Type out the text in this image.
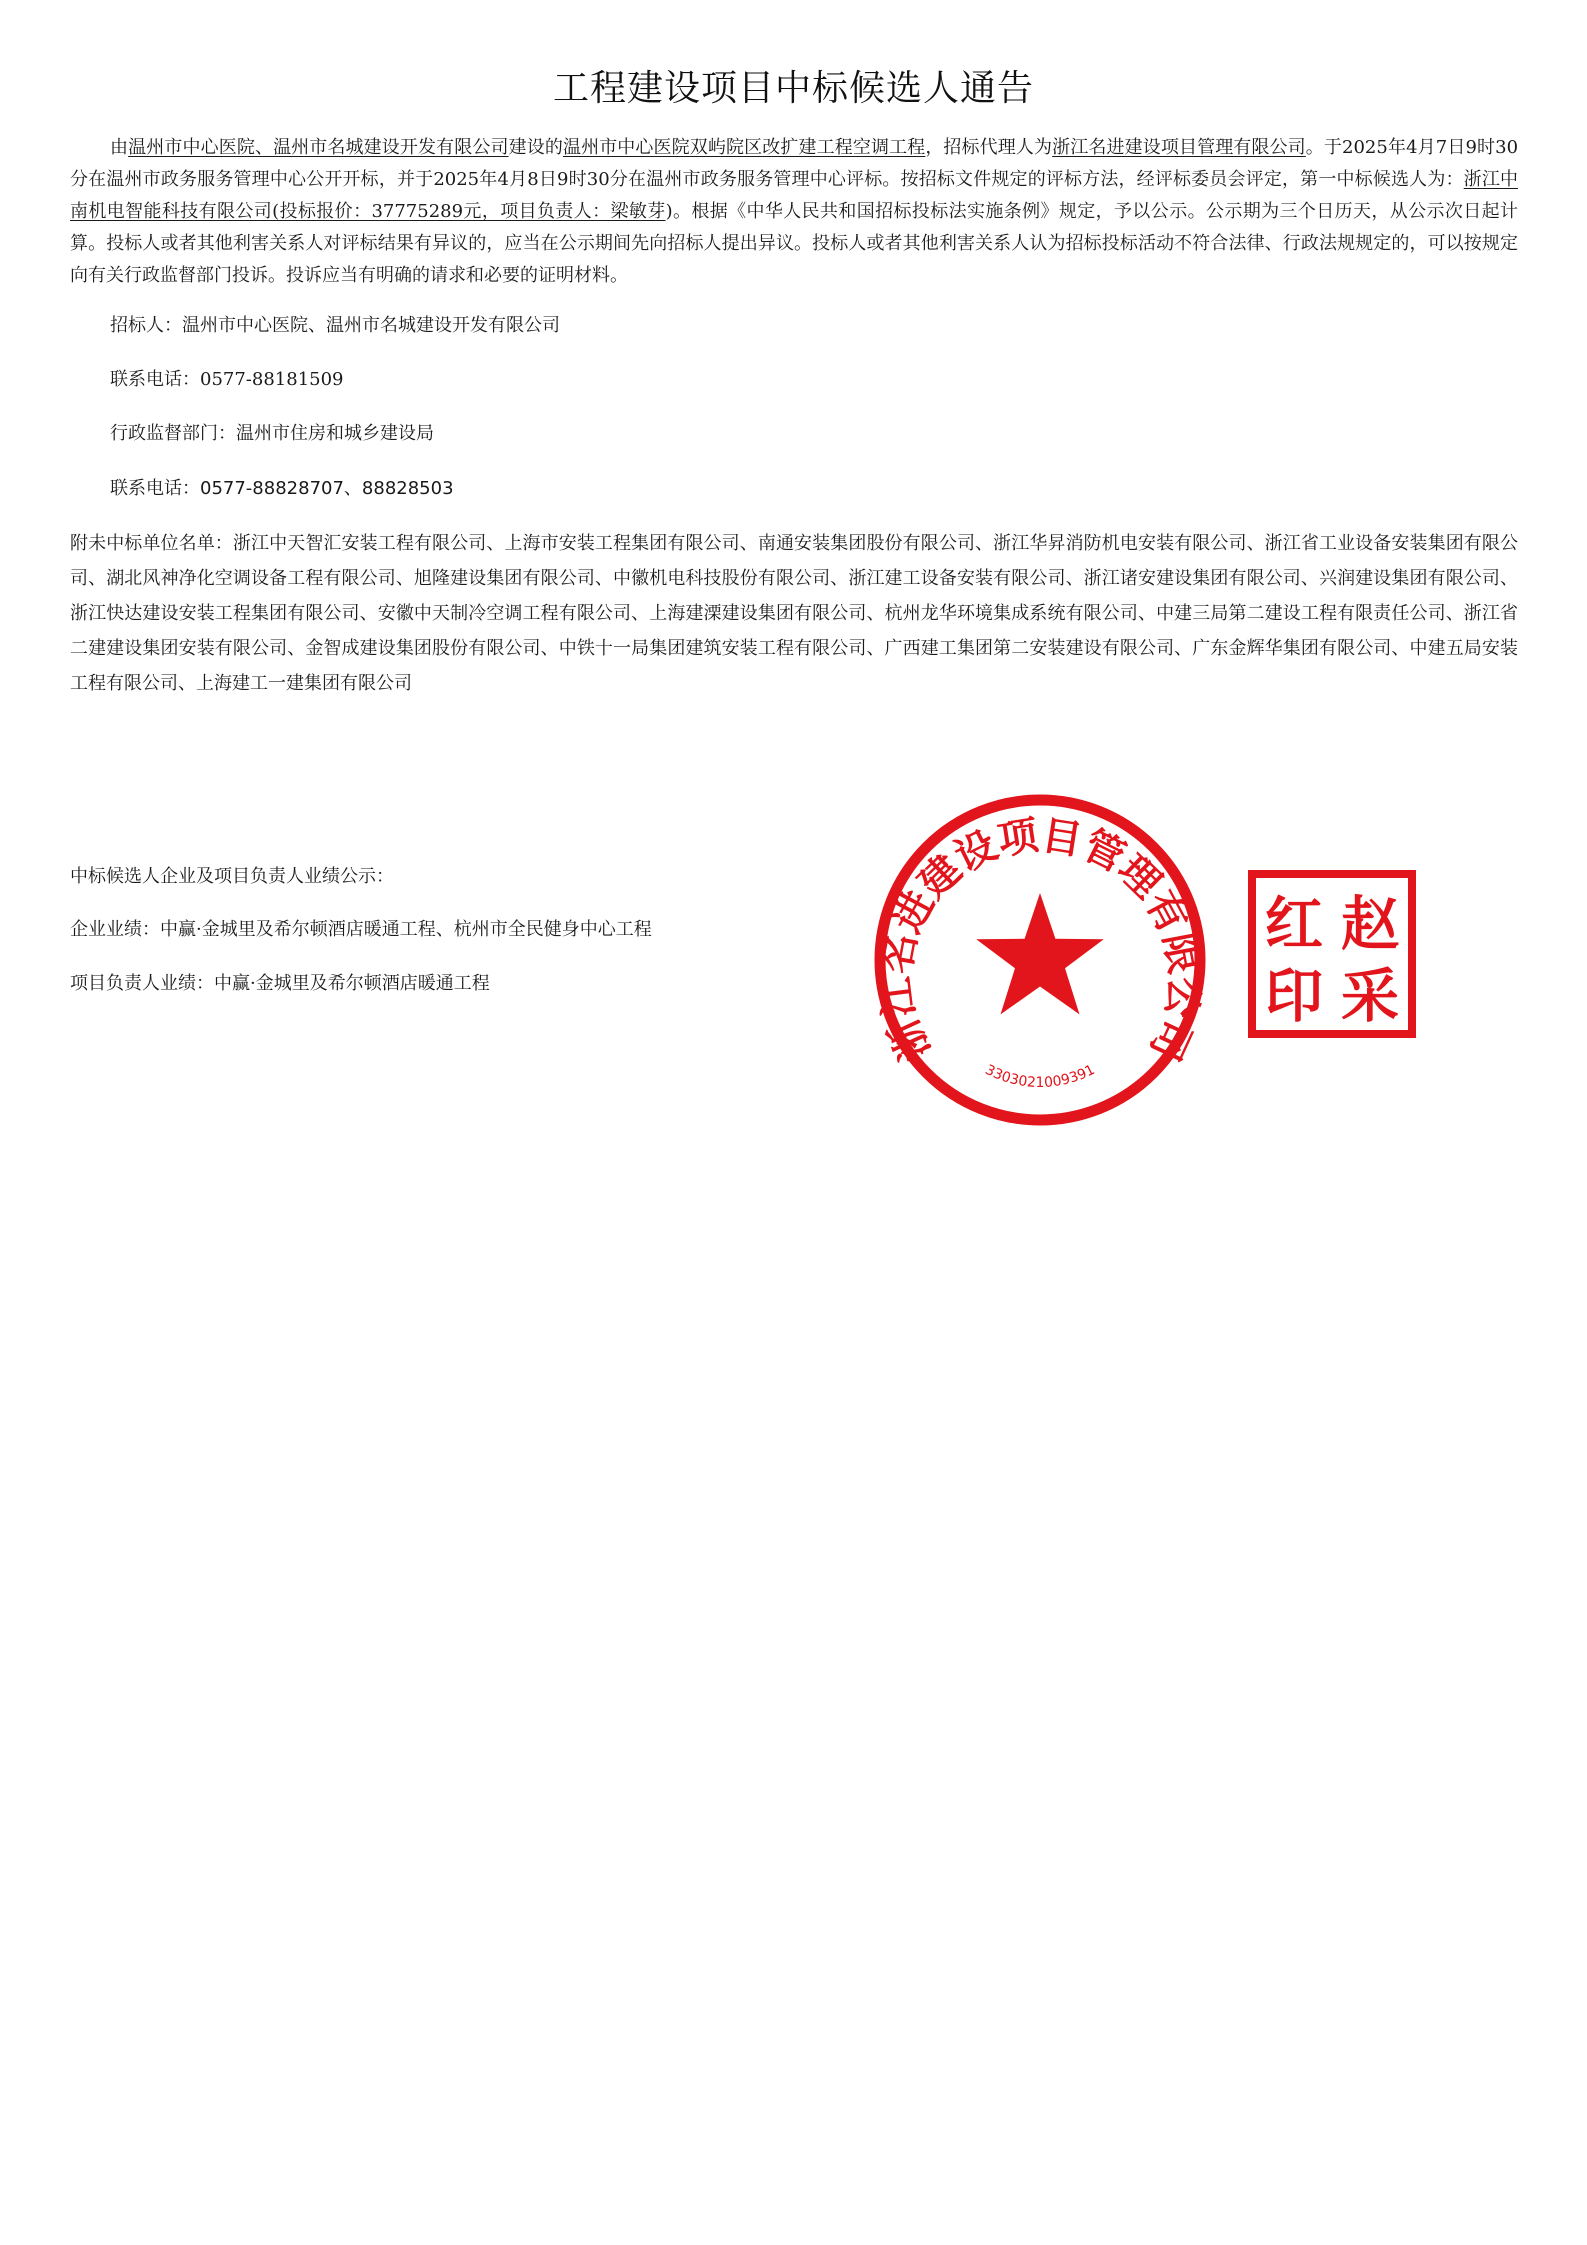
工程建设项目中标候选人通告
由温州市中心医院、温州市名城建设开发有限公司建设的温州市中心医院双屿院区改扩建工程空调工程，招标代理人为浙江名进建设项目管理有限公司。于2025年4月7日9时30分在温州市政务服务管理中心公开开标，并于2025年4月8日9时30分在温州市政务服务管理中心评标。按招标文件规定的评标方法，经评标委员会评定，第一中标候选人为：浙江中南机电智能科技有限公司(投标报价：37775289元，项目负责人：梁敏芽)。根据《中华人民共和国招标投标法实施条例》规定，予以公示。公示期为三个日历天，从公示次日起计算。投标人或者其他利害关系人对评标结果有异议的，应当在公示期间先向招标人提出异议。投标人或者其他利害关系人认为招标投标活动不符合法律、行政法规规定的，可以按规定向有关行政监督部门投诉。投诉应当有明确的请求和必要的证明材料。
招标人：温州市中心医院、温州市名城建设开发有限公司
联系电话：0577-88181509
行政监督部门：温州市住房和城乡建设局
联系电话：0577-88828707、88828503
附未中标单位名单：浙江中天智汇安装工程有限公司、上海市安装工程集团有限公司、南通安装集团股份有限公司、浙江华昇消防机电安装有限公司、浙江省工业设备安装集团有限公司、湖北风神净化空调设备工程有限公司、旭隆建设集团有限公司、中徽机电科技股份有限公司、浙江建工设备安装有限公司、浙江诸安建设集团有限公司、兴润建设集团有限公司、浙江快达建设安装工程集团有限公司、安徽中天制冷空调工程有限公司、上海建溧建设集团有限公司、杭州龙华环境集成系统有限公司、中建三局第二建设工程有限责任公司、浙江省二建建设集团安装有限公司、金智成建设集团股份有限公司、中铁十一局集团建筑安装工程有限公司、广西建工集团第二安装建设有限公司、广东金辉华集团有限公司、中建五局安装工程有限公司、上海建工一建集团有限公司
中标候选人企业及项目负责人业绩公示：
企业业绩：中赢·金城里及希尔顿酒店暖通工程、杭州市全民健身中心工程
项目负责人业绩：中赢·金城里及希尔顿酒店暖通工程
浙江名进建设项目管理有限公司
3303021009391
红 赵
印 采
